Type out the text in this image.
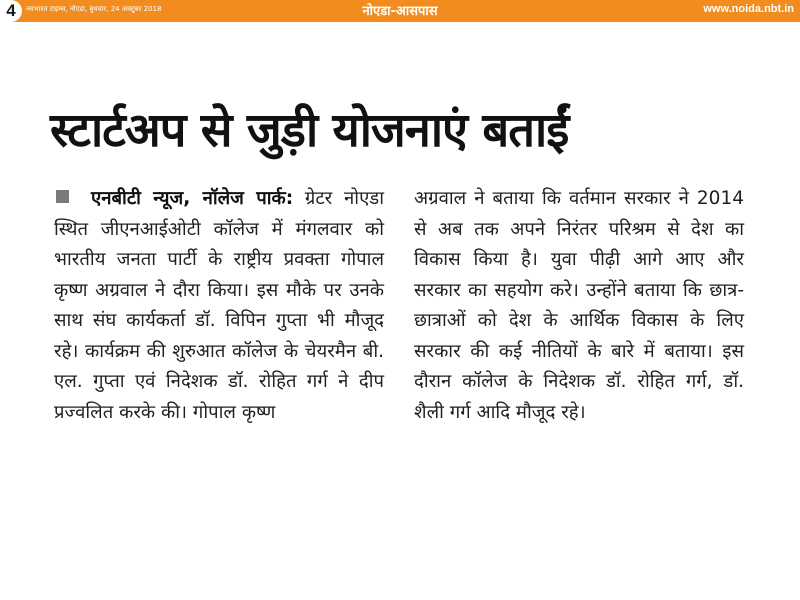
4	नवभारत टाइम्स, नोएडा, बुधवार, 24 अक्टूबर 2018	नोएडा-आसपास	www.noida.nbt.in
स्टार्टअप से जुड़ी योजनाएं बताईं
एनबीटी न्यूज, नॉलेज पार्क: ग्रेटर नोएडा स्थित जीएनआईओटी कॉलेज में मंगलवार को भारतीय जनता पार्टी के राष्ट्रीय प्रवक्ता गोपाल कृष्ण अग्रवाल ने दौरा किया। इस मौके पर उनके साथ संघ कार्यकर्ता डॉ. विपिन गुप्ता भी मौजूद रहे। कार्यक्रम की शुरुआत कॉलेज के चेयरमैन बी. एल. गुप्ता एवं निदेशक डॉ. रोहित गर्ग ने दीप प्रज्वलित करके की। गोपाल कृष्ण
अग्रवाल ने बताया कि वर्तमान सरकार ने 2014 से अब तक अपने निरंतर परिश्रम से देश का विकास किया है। युवा पीढ़ी आगे आए और सरकार का सहयोग करे। उन्होंने बताया कि छात्र-छात्राओं को देश के आर्थिक विकास के लिए सरकार की कई नीतियों के बारे में बताया। इस दौरान कॉलेज के निदेशक डॉ. रोहित गर्ग, डॉ. शैली गर्ग आदि मौजूद रहे।
